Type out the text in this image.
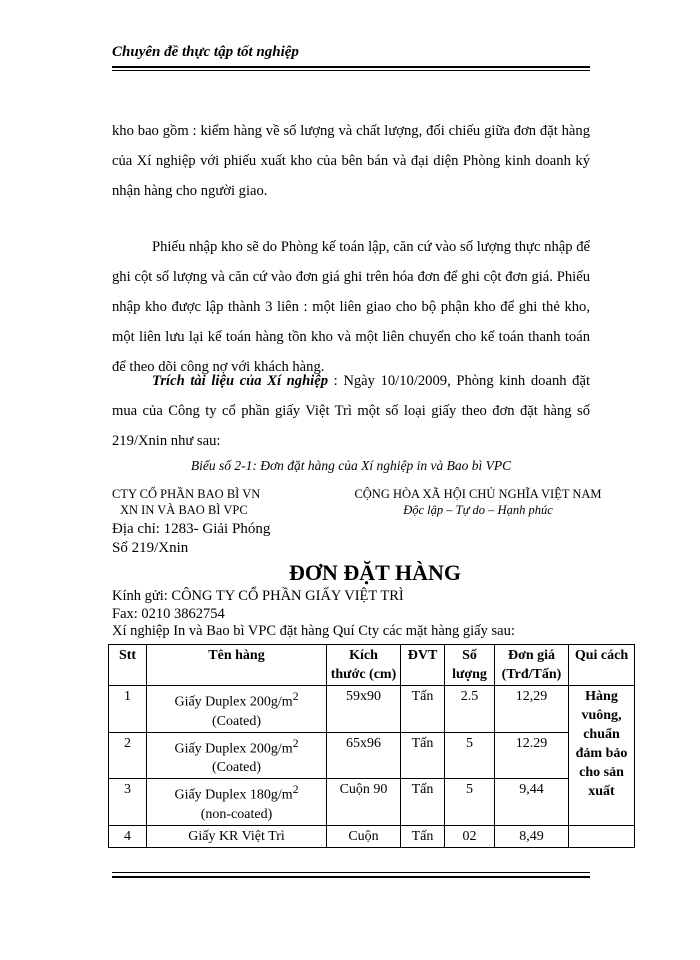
Chuyên đề thực tập tốt nghiệp
kho bao gồm : kiểm hàng về số lượng và chất lượng, đối chiếu giữa đơn đặt hàng của Xí nghiệp với phiếu xuất kho của bên bán và đại diện Phòng kinh doanh ký nhận hàng cho người giao.
Phiếu nhập kho sẽ do Phòng kế toán lập, căn cứ vào số lượng thực nhập để ghi cột số lượng và căn cứ vào đơn giá ghi trên hóa đơn để ghi cột đơn giá. Phiếu nhập kho được lập thành 3 liên : một liên giao cho bộ phận kho để ghi thẻ kho, một liên lưu lại kế toán hàng tồn kho và một liên chuyển cho kế toán thanh toán để theo dõi công nợ với khách hàng.
Trích tài liệu của Xí nghiệp : Ngày 10/10/2009, Phòng kinh doanh đặt mua của Công ty cổ phần giấy Việt Trì một số loại giấy theo đơn đặt hàng số 219/Xnin như sau:
Biểu số 2-1: Đơn đặt hàng của Xí nghiệp in và Bao bì VPC
CTY CỔ PHẦN BAO BÌ VN
XN IN VÀ BAO BÌ VPC
CỘNG HÒA XÃ HỘI CHỦ NGHĨA VIỆT NAM
Độc lập – Tự do – Hạnh phúc
Địa chỉ: 1283- Giải Phóng
Số 219/Xnin
ĐƠN ĐẶT HÀNG
Kính gửi: CÔNG TY CỔ PHẦN GIẤY VIỆT TRÌ
Fax: 0210 3862754
Xí nghiệp In và Bao bì VPC đặt hàng Quí Cty các mặt hàng giấy sau:
Stt	Tên hàng	Kích thước (cm)	ĐVT	Số lượng	Đơn giá (Trđ/Tấn)	Qui cách
1	Giấy Duplex $200g/m^2$
(Coated)	59x90	Tấn	2.5	12,29	Hàng vuông, chuẩn đảm bảo cho sản xuất
2	Giấy Duplex $200g/m^2$
(Coated)	65x96	Tấn	5	12.29	
3	Giấy Duplex $180g/m^2$
(non-coated)	Cuộn 90	Tấn	5	9,44	
4	Giấy KR Việt Trì	Cuộn	Tấn	02	8,49	
